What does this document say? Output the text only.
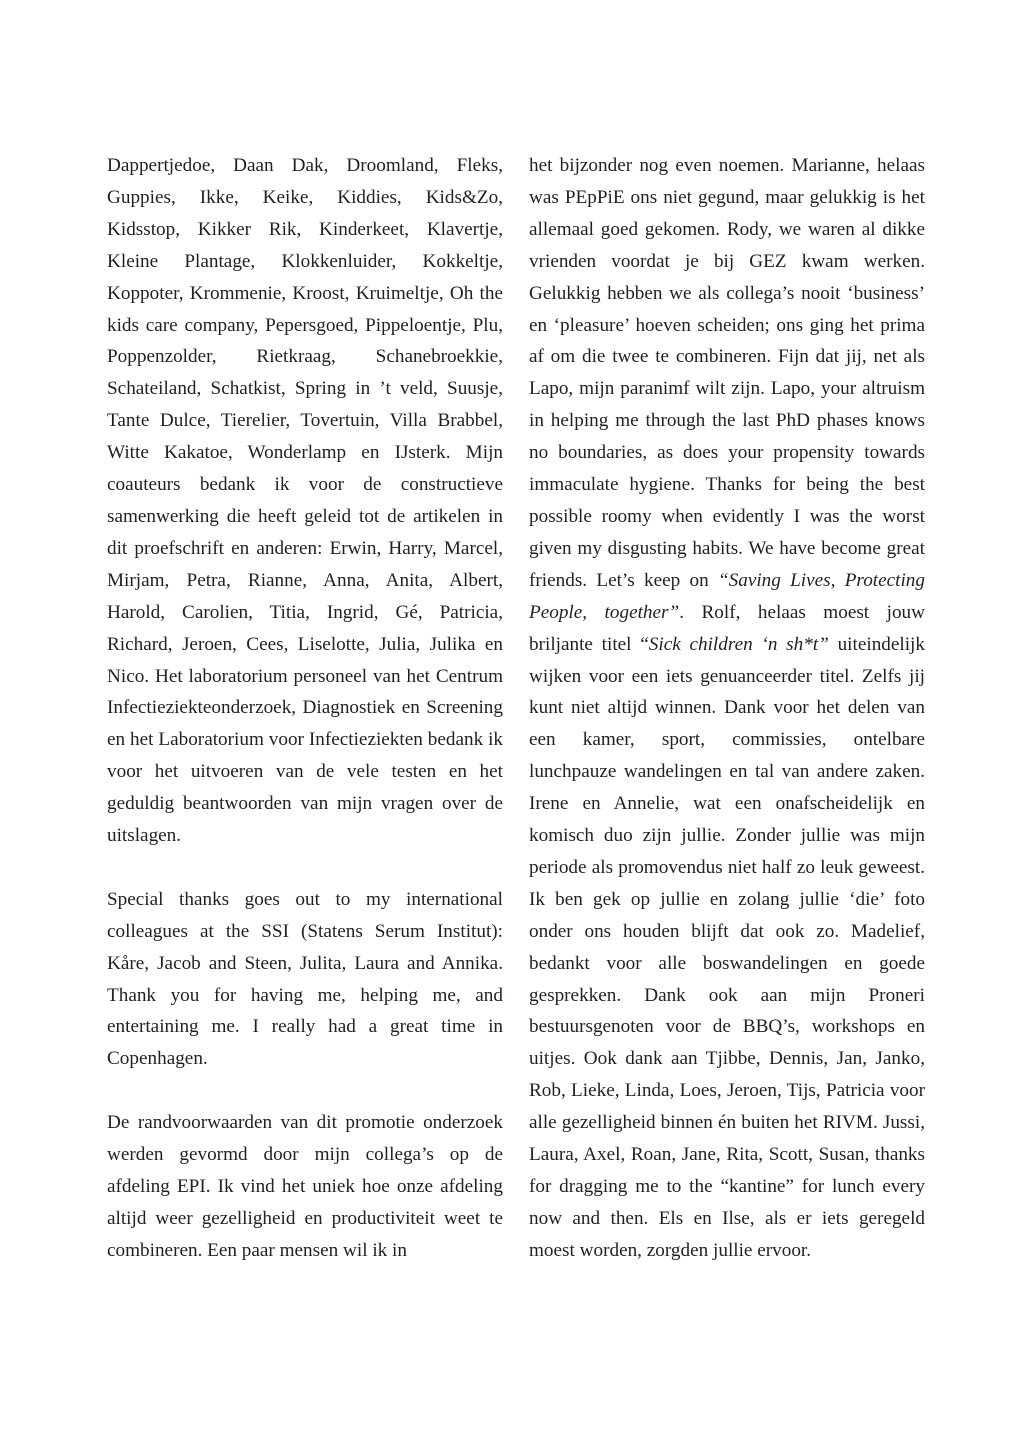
Dappertjedoe, Daan Dak, Droomland, Fleks, Guppies, Ikke, Keike, Kiddies, Kids&Zo, Kidsstop, Kikker Rik, Kinderkeet, Klavertje, Kleine Plantage, Klokkenluider, Kokkeltje, Koppoter, Krommenie, Kroost, Kruimeltje, Oh the kids care company, Pepersgoed, Pippeloentje, Plu, Poppenzolder, Rietkraag, Schanebroekkie, Schateiland, Schatkist, Spring in ’t veld, Suusje, Tante Dulce, Tierelier, Tovertuin, Villa Brabbel, Witte Kakatoe, Wonderlamp en IJsterk. Mijn coauteurs bedank ik voor de constructieve samenwerking die heeft geleid tot de artikelen in dit proefschrift en anderen: Erwin, Harry, Marcel, Mirjam, Petra, Rianne, Anna, Anita, Albert, Harold, Carolien, Titia, Ingrid, Gé, Patricia, Richard, Jeroen, Cees, Liselotte, Julia, Julika en Nico. Het laboratorium personeel van het Centrum Infectieziekteonderzoek, Diagnostiek en Screening en het Laboratorium voor Infectieziekten bedank ik voor het uitvoeren van de vele testen en het geduldig beantwoorden van mijn vragen over de uitslagen.

Special thanks goes out to my international colleagues at the SSI (Statens Serum Institut): Kåre, Jacob and Steen, Julita, Laura and Annika. Thank you for having me, helping me, and entertaining me. I really had a great time in Copenhagen.

De randvoorwaarden van dit promotie onderzoek werden gevormd door mijn collega’s op de afdeling EPI. Ik vind het uniek hoe onze afdeling altijd weer gezelligheid en productiviteit weet te combineren. Een paar mensen wil ik in

het bijzonder nog even noemen. Marianne, helaas was PEpPiE ons niet gegund, maar gelukkig is het allemaal goed gekomen. Rody, we waren al dikke vrienden voordat je bij GEZ kwam werken. Gelukkig hebben we als collega’s nooit ‘business’ en ‘pleasure’ hoeven scheiden; ons ging het prima af om die twee te combineren. Fijn dat jij, net als Lapo, mijn paranimf wilt zijn. Lapo, your altruism in helping me through the last PhD phases knows no boundaries, as does your propensity towards immaculate hygiene. Thanks for being the best possible roomy when evidently I was the worst given my disgusting habits. We have become great friends. Let’s keep on “Saving Lives, Protecting People, together”. Rolf, helaas moest jouw briljante titel “Sick children ‘n sh*t” uiteindelijk wijken voor een iets genuanceerder titel. Zelfs jij kunt niet altijd winnen. Dank voor het delen van een kamer, sport, commissies, ontelbare lunchpauze wandelingen en tal van andere zaken. Irene en Annelie, wat een onafscheidelijk en komisch duo zijn jullie. Zonder jullie was mijn periode als promovendus niet half zo leuk geweest. Ik ben gek op jullie en zolang jullie ‘die’ foto onder ons houden blijft dat ook zo. Madelief, bedankt voor alle boswandelingen en goede gesprekken. Dank ook aan mijn Proneri bestuursgenoten voor de BBQ’s, workshops en uitjes. Ook dank aan Tjibbe, Dennis, Jan, Janko, Rob, Lieke, Linda, Loes, Jeroen, Tijs, Patricia voor alle gezelligheid binnen én buiten het RIVM. Jussi, Laura, Axel, Roan, Jane, Rita, Scott, Susan, thanks for dragging me to the “kantine” for lunch every now and then. Els en Ilse, als er iets geregeld moest worden, zorgden jullie ervoor.
